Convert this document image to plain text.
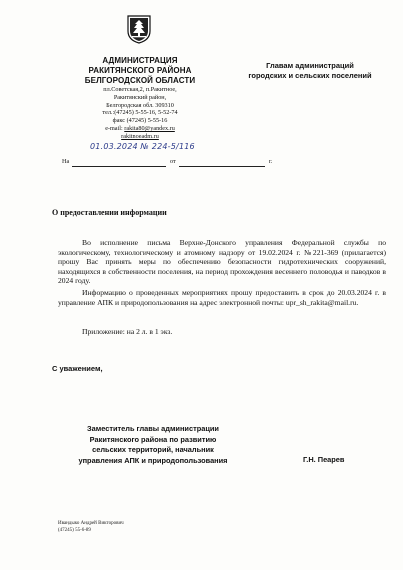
АДМИНИСТРАЦИЯ
РАКИТЯНСКОГО РАЙОНА
БЕЛГОРОДСКОЙ ОБЛАСТИ
пл.Советская,2, п.Ракитное,
Ракитянский район,
Белгородская обл. 309310
тел.:(47245) 5-55-16, 5-52-74
факс (47245) 5-55-16
e-mail: rakita80@yandex.ru
rakitnoeadm.ru
Главам администраций
городских и сельских поселений
01.03.2024 № 224-5/116
На	от	г.
О предоставлении информации

Во исполнение письма Верхне-Донского управления Федеральной службы по экологическому, технологическому и атомному надзору от 19.02.2024 г. №221-369 (прилагается) прошу Вас принять меры по обеспечению безопасности гидротехнических сооружений, находящихся в собственности поселения, на период прохождения весеннего половодья и паводков в 2024 году.

Информацию о проведенных мероприятиях прошу предоставить в срок до 20.03.2024 г. в управление АПК и природопользования на адрес электронной почты: upr_sh_rakita@mail.ru.

Приложение: на 2 л. в 1 экз.
С уважением,
Заместитель главы администрации
Ракитянского района по развитию
сельских территорий, начальник
управления АПК и природопользования	Г.Н. Пеарев
Ивандыко Андрей Викторович
(47245) 55-6-89
